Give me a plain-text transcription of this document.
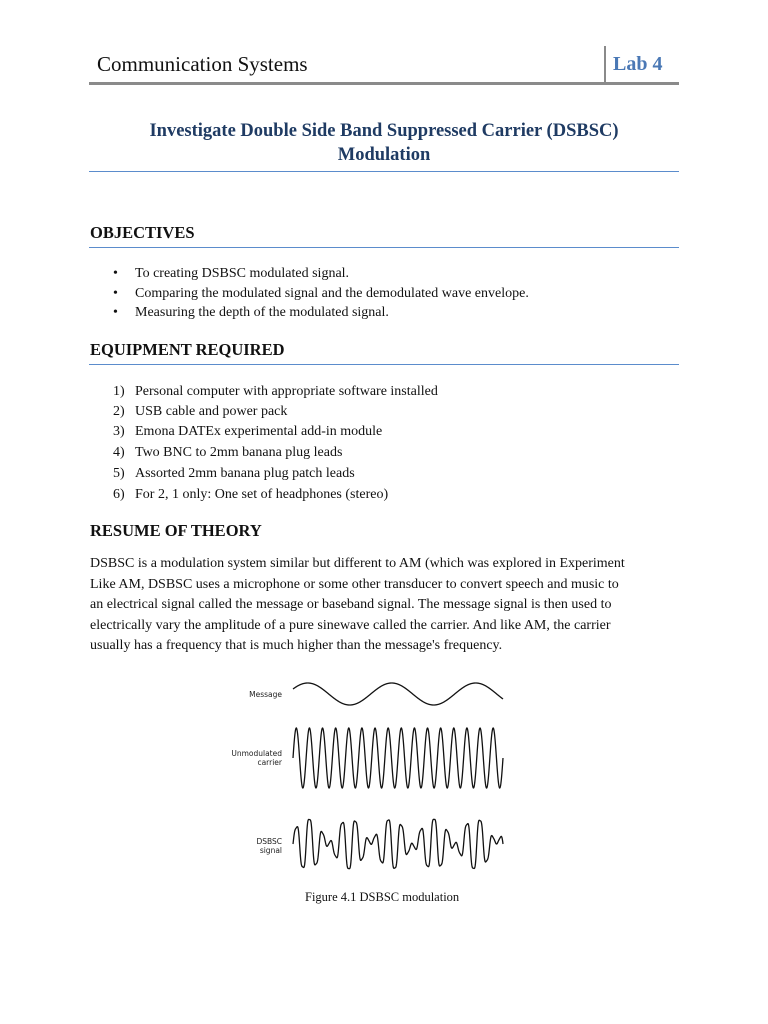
Communication Systems	Lab 4
Investigate Double Side Band Suppressed Carrier (DSBSC)
Modulation
OBJECTIVES
• To creating DSBSC modulated signal.
• Comparing the modulated signal and the demodulated wave envelope.
• Measuring the depth of the modulated signal.
EQUIPMENT REQUIRED
1) Personal computer with appropriate software installed
2) USB cable and power pack
3) Emona DATEx experimental add-in module
4) Two BNC to 2mm banana plug leads
5) Assorted 2mm banana plug patch leads
6) For 2, 1 only: One set of headphones (stereo)
RESUME OF THEORY

DSBSC is a modulation system similar but different to AM (which was explored in Experiment

Like AM, DSBSC uses a microphone or some other transducer to convert speech and music to

an electrical signal called the message or baseband signal. The message signal is then used to

electrically vary the amplitude of a pure sinewave called the carrier. And like AM, the carrier

usually has a frequency that is much higher than the message's frequency.

Message
Unmodulated
carrier
DSBSC
signal
Figure 4.1 DSBSC modulation
